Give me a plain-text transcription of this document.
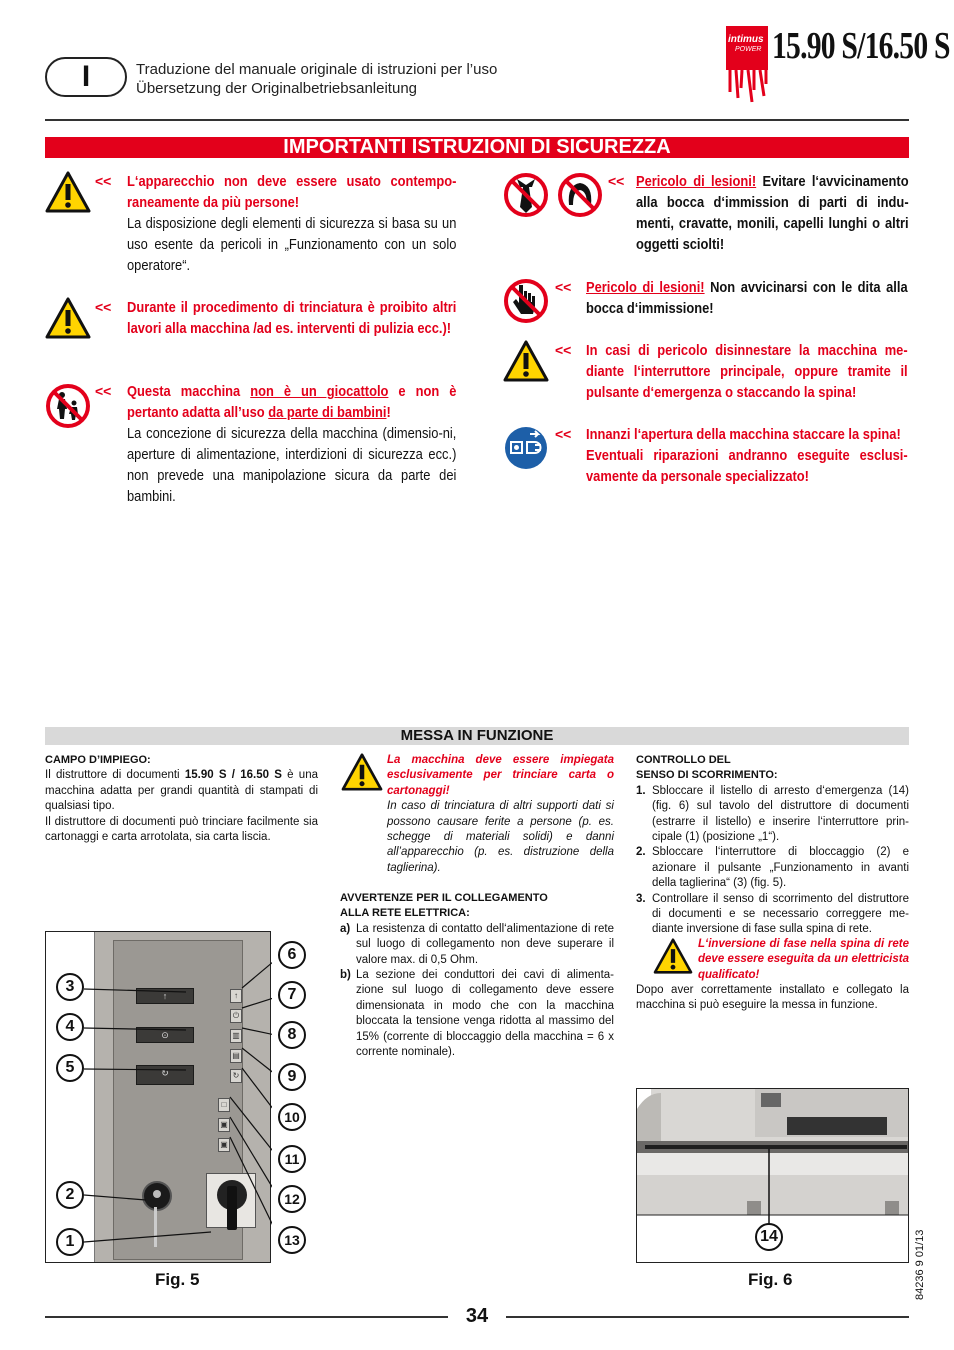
I	Traduzione del manuale originale di istruzioni per l’uso
Übersetzung der Originalbetriebsanleitung
intimus
POWER 15.90 S/16.50 S
IMPORTANTI ISTRUZIONI DI SICUREZZA
<< L‘apparecchio non deve essere usato contempo-raneamente da più persone!
La disposizione degli elementi di sicurezza si basa su un uso esente da pericoli in „Funzionamento con un solo operatore“.
<< Durante il procedimento di trinciatura è proibito altri lavori alla macchina /ad es. interventi di pulizia ecc.)!
<< Questa macchina non è un giocattolo e non è pertanto adatta all’uso da parte di bambini!
La concezione di sicurezza della macchina (dimensio-ni, aperture di alimentazione, interdizioni di sicurezza ecc.) non prevede una manipolazione sicura da parte dei bambini.
<< Pericolo di lesioni! Evitare l‘avvicinamento alla bocca d‘immission di parti di indu-menti, cravatte, monili, capelli lunghi o altri oggetti sciolti!
<< Pericolo di lesioni! Non avvicinarsi con le dita alla bocca d‘immissione!
<< In casi di pericolo disinnestare la macchina me-diante l‘interruttore principale, oppure tramite il pulsante d‘emergenza o staccando la spina!
<< Innanzi l‘apertura della macchina staccare la spina!
Eventuali riparazioni andranno eseguite esclusi-vamente da personale specializzato!
MESSA IN FUNZIONE
CAMPO D’IMPIEGO:
Il distruttore di documenti 15.90 S / 16.50 S è una macchina adatta per grandi quantità di stampati di qualsiasi tipo.
Il distruttore di documenti può trinciare facilmente sia cartonaggi e carta arrotolata, sia carta liscia.
La macchina deve essere impiegata esclusivamente per trinciare carta o cartonaggi!
In caso di trinciatura di altri supporti dati si possono causare ferite a persone (p. es. schegge di materiali solidi) e danni all’apparecchio (p. es. distruzione della taglierina).
AVVERTENZE PER IL COLLEGAMENTO
ALLA RETE ELETTRICA:
a) La resistenza di contatto dell‘alimentazione di rete sul luogo di collegamento non deve superare il valore max. di 0,5 Ohm.
b) La sezione dei conduttori dei cavi di alimenta-zione sul luogo di collegamento deve essere dimensionata in modo che con la macchina bloccata la tensione venga ridotta al massimo del 15% (corrente di bloccaggio della macchina = 6 x corrente nominale).
CONTROLLO DEL
SENSO DI SCORRIMENTO:
1. Sbloccare il listello di arresto d‘emergenza (14) (fig. 6) sul tavolo del distruttore di documenti (estrarre il listello) e inserire l‘interruttore prin-cipale (1) (posizione „1“).
2. Sbloccare l‘interruttore di bloccaggio (2) e azionare il pulsante „Funzionamento in avanti della taglierina“ (3) (fig. 5).
3. Controllare il senso di scorrimento del distruttore di documenti e se necessario correggere me-diante inversione di fase sulla spina di rete.
L‘inversione di fase nella spina di rete deve essere eseguita da un elettricista qualificato!
Dopo aver correttamente installato e collegato la macchina si può eseguire la messa in funzione.
↑
⊙
↻
↑
⏻
▥
▤
↻
□
▣
▣
3
4
5
2
1
6
7
8
9
10
11
12
13
Fig. 5
14
Fig. 6
34
84236 9 01/13
